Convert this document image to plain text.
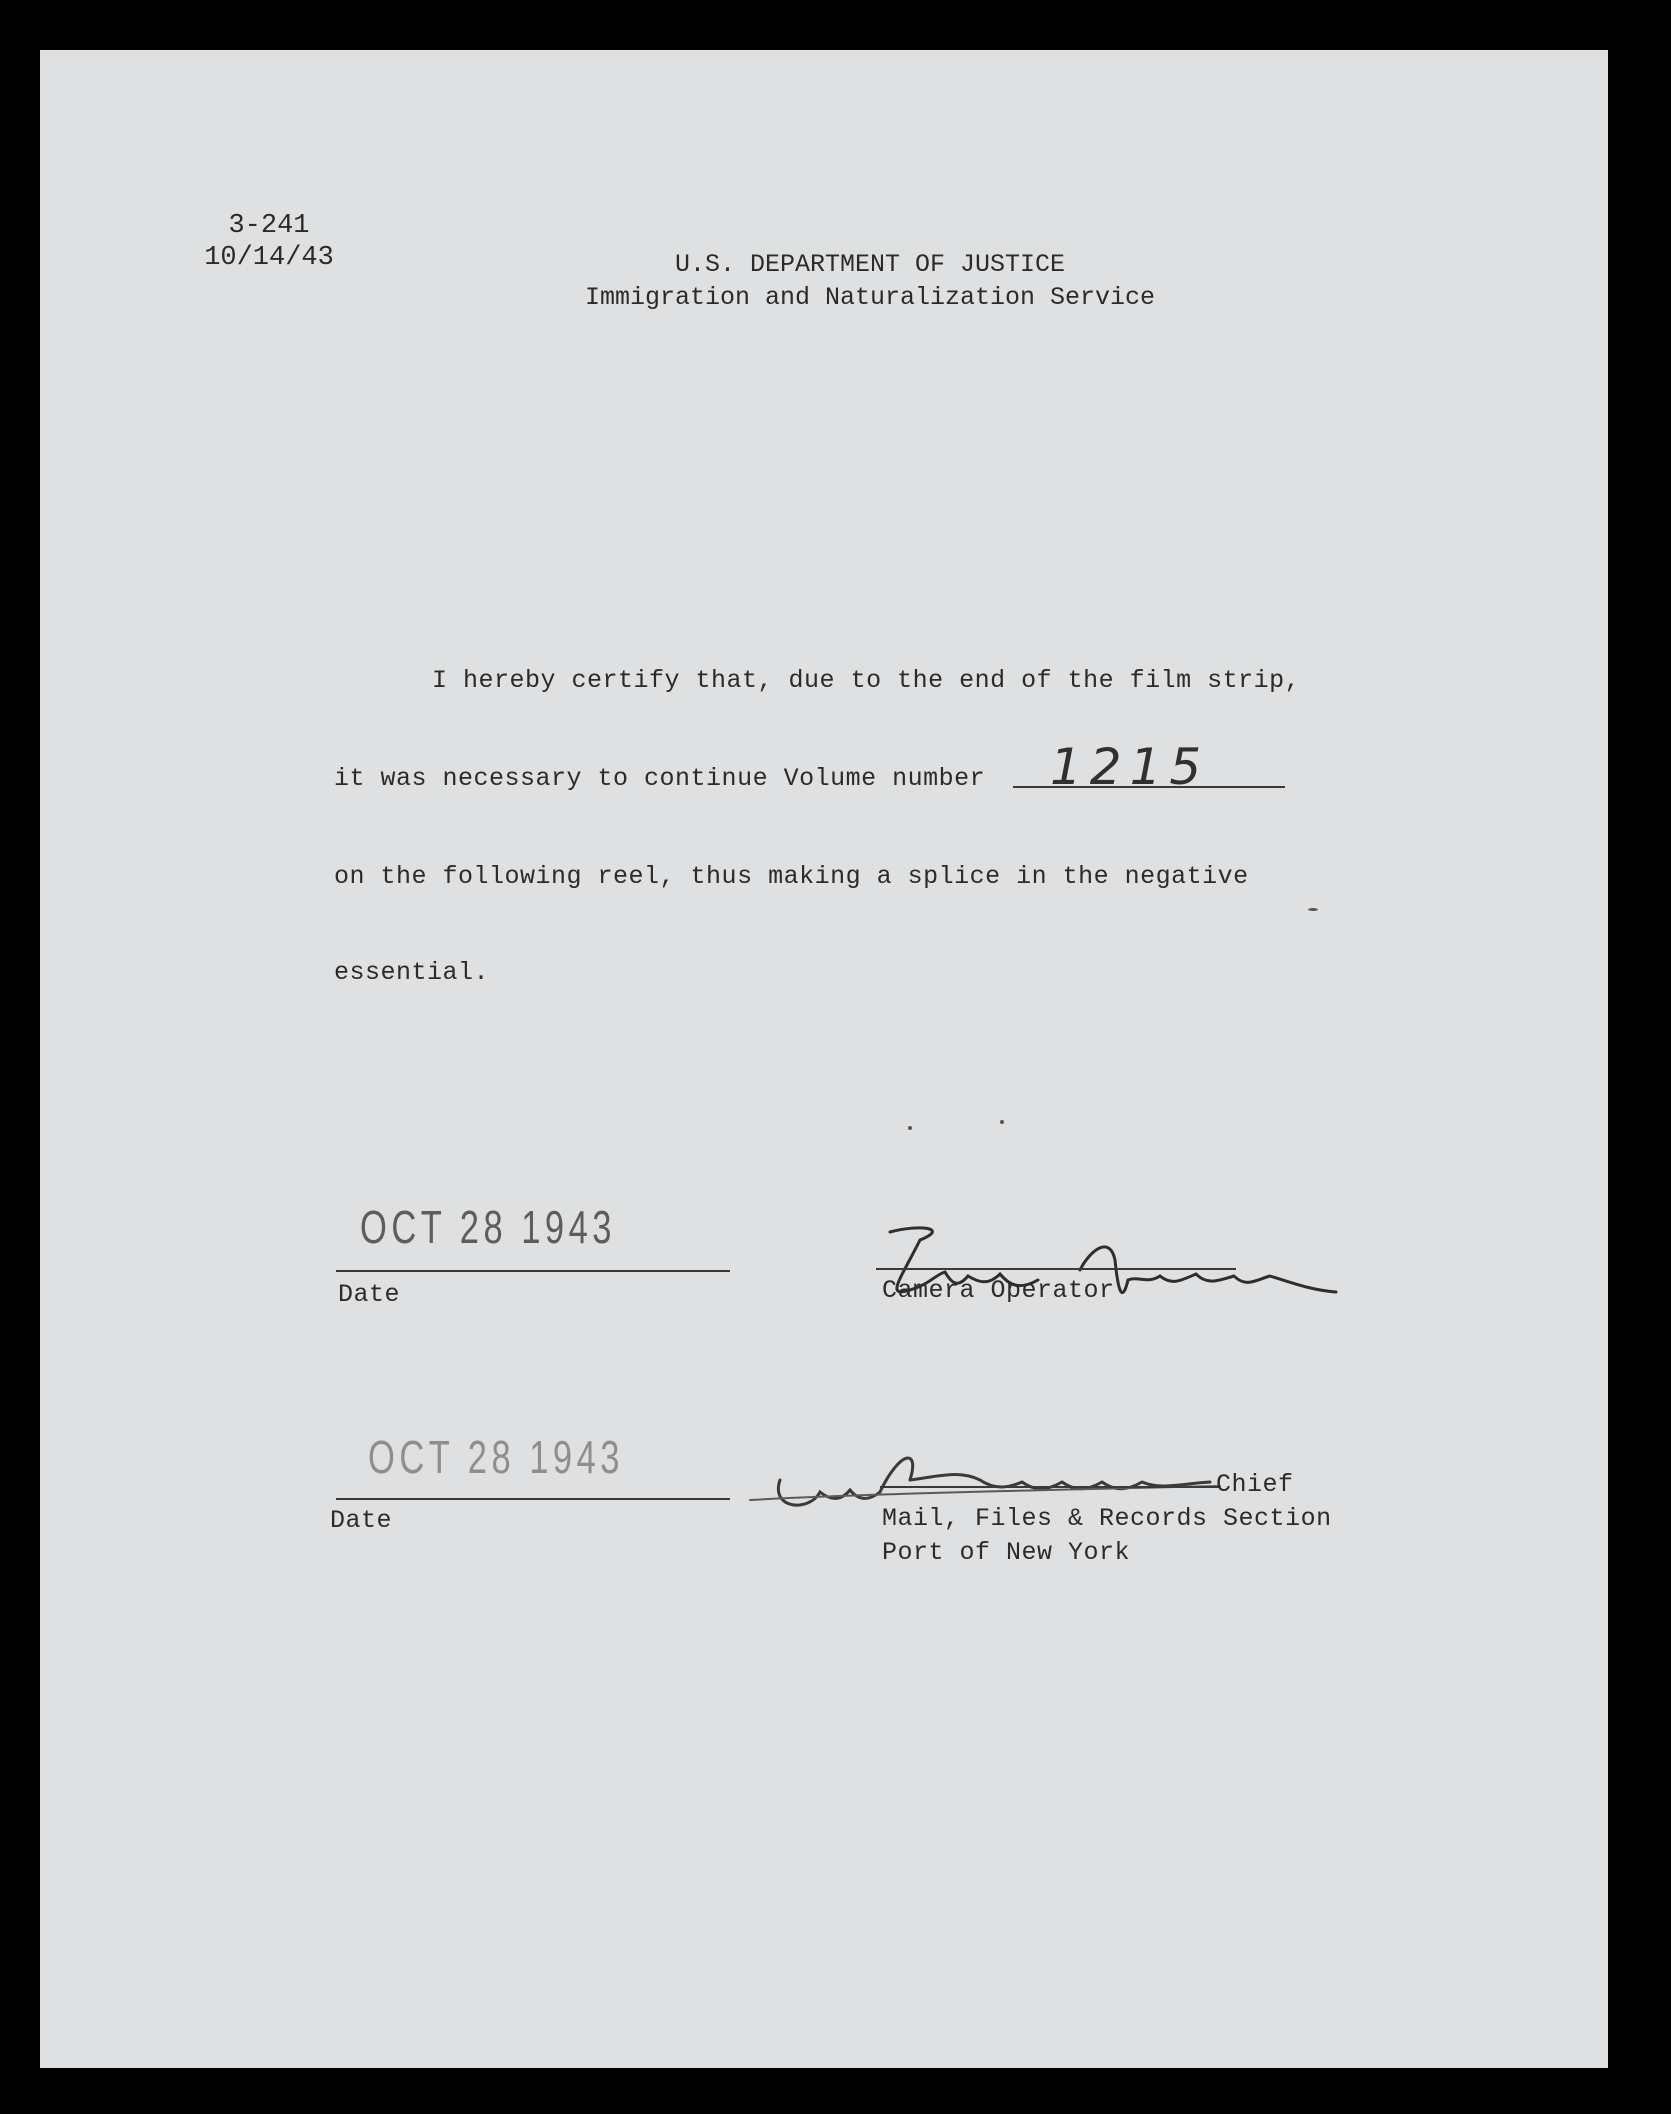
3-241
10/14/43	U.S. DEPARTMENT OF JUSTICE
Immigration and Naturalization Service
I hereby certify that, due to the end of the film strip,
it was necessary to continue Volume number 1215
on the following reel, thus making a splice in the negative
essential.
OCT 28 1943
Date	Camera Operator
OCT 28 1943
Date
Chief
Mail, Files & Records Section
Port of New York
